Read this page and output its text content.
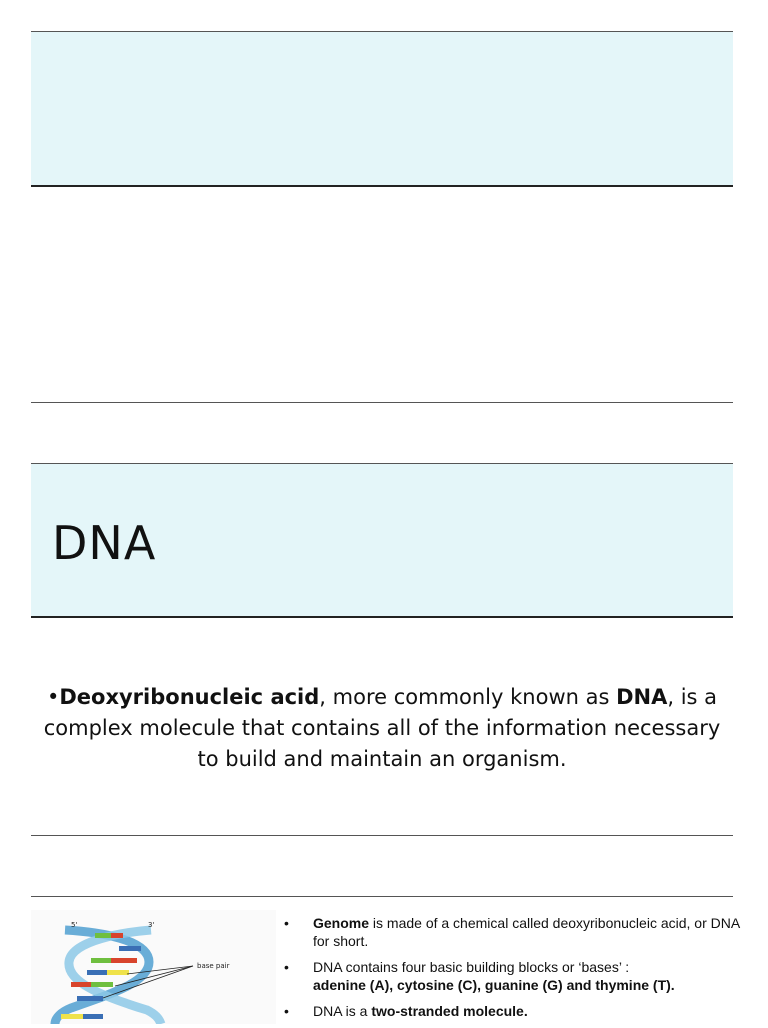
DNA

•Deoxyribonucleic acid, more commonly known as DNA, is a complex molecule that contains all of the information necessary to build and maintain an organism.

5'	3'
base pair
• Genome is made of a chemical called deoxyribonucleic acid, or DNA for short.
• DNA contains four basic building blocks or ‘bases’ :
adenine (A), cytosine (C), guanine (G) and thymine (T).
• DNA is a two-stranded molecule.
